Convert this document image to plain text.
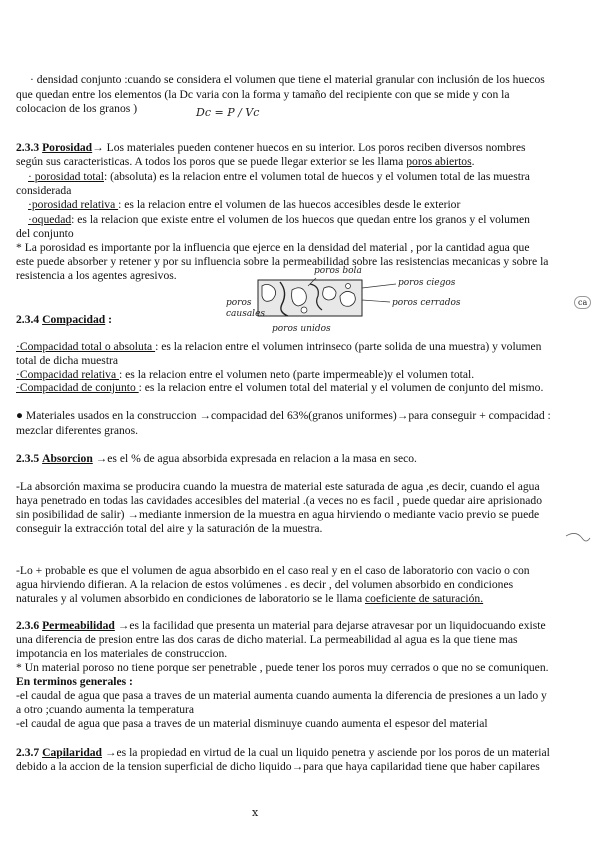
· densidad conjunto :cuando se considera el volumen que tiene el material granular con inclusión de los huecos
que quedan entre los elementos (la Dc varia con la forma y tamaño del recipiente con que se mide y con la
colocacion de los granos )	Dc = P / Vc
2.3.3 Porosidad→ Los materiales pueden contener huecos en su interior. Los poros reciben diversos nombres
según sus caracteristicas. A todos los poros que se puede llegar exterior se les llama poros abiertos.
· porosidad total: (absoluta) es la relacion entre el volumen total de huecos y el volumen total de las muestra
considerada
·porosidad relativa : es la relacion entre el volumen de las huecos accesibles desde le exterior
·oquedad: es la relacion que existe entre el volumen de los huecos que quedan entre los granos y el volumen
del conjunto
* La porosidad es importante por la influencia que ejerce en la densidad del material , por la cantidad agua que
este puede absorber y retener y por su influencia sobre la permeabilidad sobre las resistencias mecanicas y sobre la
resistencia a los agentes agresivos.	poros bola
poros ciegos
poros causales
poros cerrados
poros unidos
ca
2.3.4 Compacidad :
·Compacidad total o absoluta : es la relacion entre el volumen intrinseco (parte solida de una muestra) y volumen
total de dicha muestra
·Compacidad relativa : es la relacion entre el volumen neto (parte impermeable)y el volumen total.
·Compacidad de conjunto : es la relacion entre el volumen total del material y el volumen de conjunto del mismo.
● Materiales usados en la construccion →compacidad del 63%(granos uniformes)→para conseguir + compacidad :
mezclar diferentes granos.
2.3.5 Absorcion →es el % de agua absorbida expresada en relacion a la masa en seco.
-La absorción maxima se producira cuando la muestra de material este saturada de agua ,es decir, cuando el agua
haya penetrado en todas las cavidades accesibles del material .(a veces no es facil , puede quedar aire aprisionado
sin posibilidad de salir) →mediante inmersion de la muestra en agua hirviendo o mediante vacio previo se puede
conseguir la extracción total del aire y la saturación de la muestra.
-Lo + probable es que el volumen de agua absorbido en el caso real y en el caso de laboratorio con vacio o con
agua hirviendo difieran. A la relacion de estos volúmenes . es decir , del volumen absorbido en condiciones
naturales y al volumen absorbido en condiciones de laboratorio se le llama coeficiente de saturación.
2.3.6 Permeabilidad →es la facilidad que presenta un material para dejarse atravesar por un liquidocuando existe
una diferencia de presion entre las dos caras de dicho material. La permeabilidad al agua es la que tiene mas
impotancia en los materiales de construccion.
* Un material poroso no tiene porque ser penetrable , puede tener los poros muy cerrados o que no se comuniquen.
En terminos generales :
-el caudal de agua que pasa a traves de un material aumenta cuando aumenta la diferencia de presiones a un lado y
a otro ;cuando aumenta la temperatura
-el caudal de agua que pasa a traves de un material disminuye cuando aumenta el espesor del material
2.3.7 Capilaridad →es la propiedad en virtud de la cual un liquido penetra y asciende por los poros de un material
debido a la accion de la tension superficial de dicho liquido→para que haya capilaridad tiene que haber capilares
x
